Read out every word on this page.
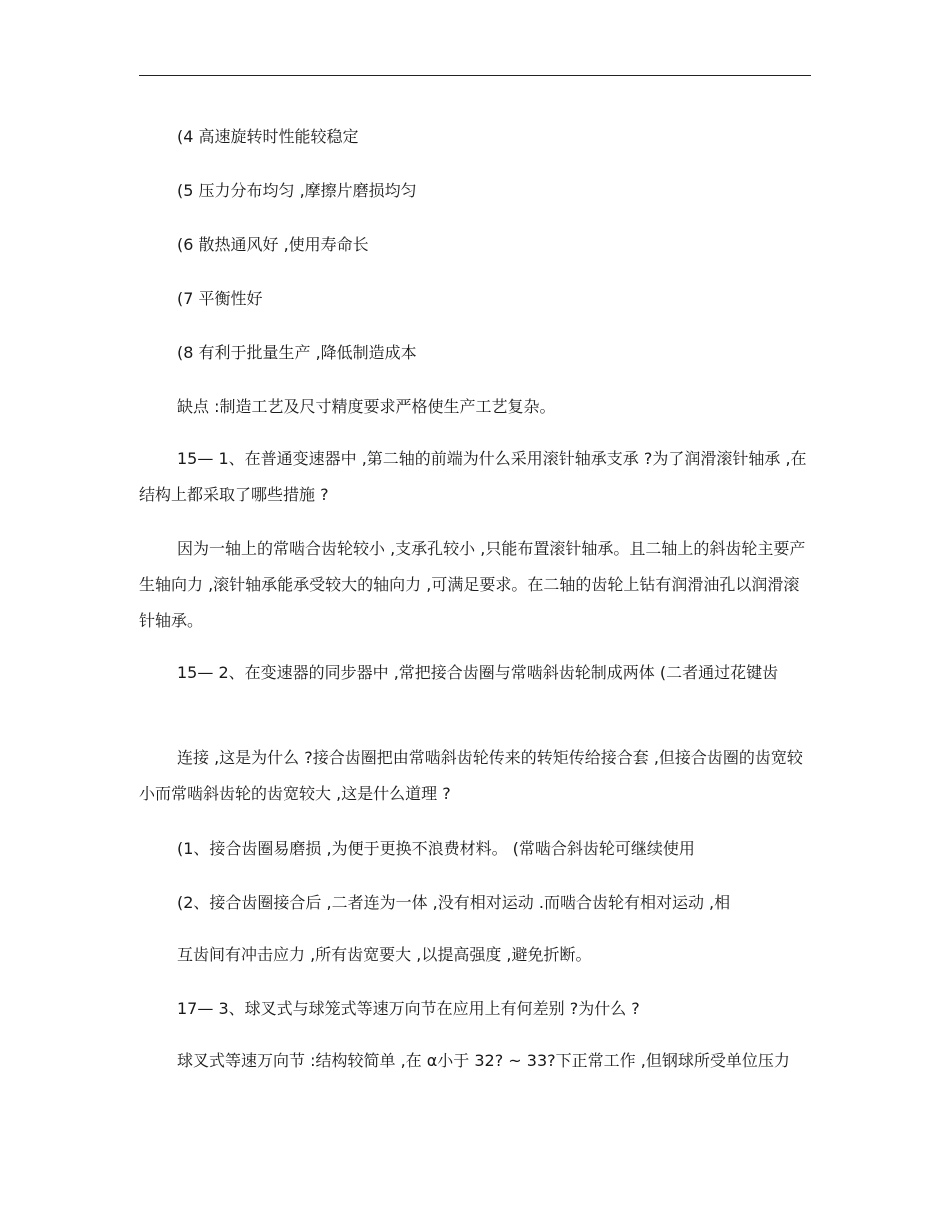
(4 高速旋转时性能较稳定
(5 压力分布均匀 ,摩擦片磨损均匀
(6 散热通风好 ,使用寿命长
(7 平衡性好
(8 有利于批量生产 ,降低制造成本
缺点 :制造工艺及尺寸精度要求严格使生产工艺复杂。
15— 1、在普通变速器中 ,第二轴的前端为什么采用滚针轴承支承 ?为了润滑滚针轴承 ,在结构上都采取了哪些措施 ?
因为一轴上的常啮合齿轮较小 ,支承孔较小 ,只能布置滚针轴承。且二轴上的斜齿轮主要产生轴向力 ,滚针轴承能承受较大的轴向力 ,可满足要求。在二轴的齿轮上钻有润滑油孔以润滑滚针轴承。
15— 2、在变速器的同步器中 ,常把接合齿圈与常啮斜齿轮制成两体 (二者通过花键齿
连接 ,这是为什么 ?接合齿圈把由常啮斜齿轮传来的转矩传给接合套 ,但接合齿圈的齿宽较小而常啮斜齿轮的齿宽较大 ,这是什么道理 ?
(1、接合齿圈易磨损 ,为便于更换不浪费材料。 (常啮合斜齿轮可继续使用
(2、接合齿圈接合后 ,二者连为一体 ,没有相对运动 .而啮合齿轮有相对运动 ,相
互齿间有冲击应力 ,所有齿宽要大 ,以提高强度 ,避免折断。
17— 3、球叉式与球笼式等速万向节在应用上有何差别 ?为什么 ?
球叉式等速万向节 :结构较简单 ,在 α小于 32? ~ 33?下正常工作 ,但钢球所受单位压力
